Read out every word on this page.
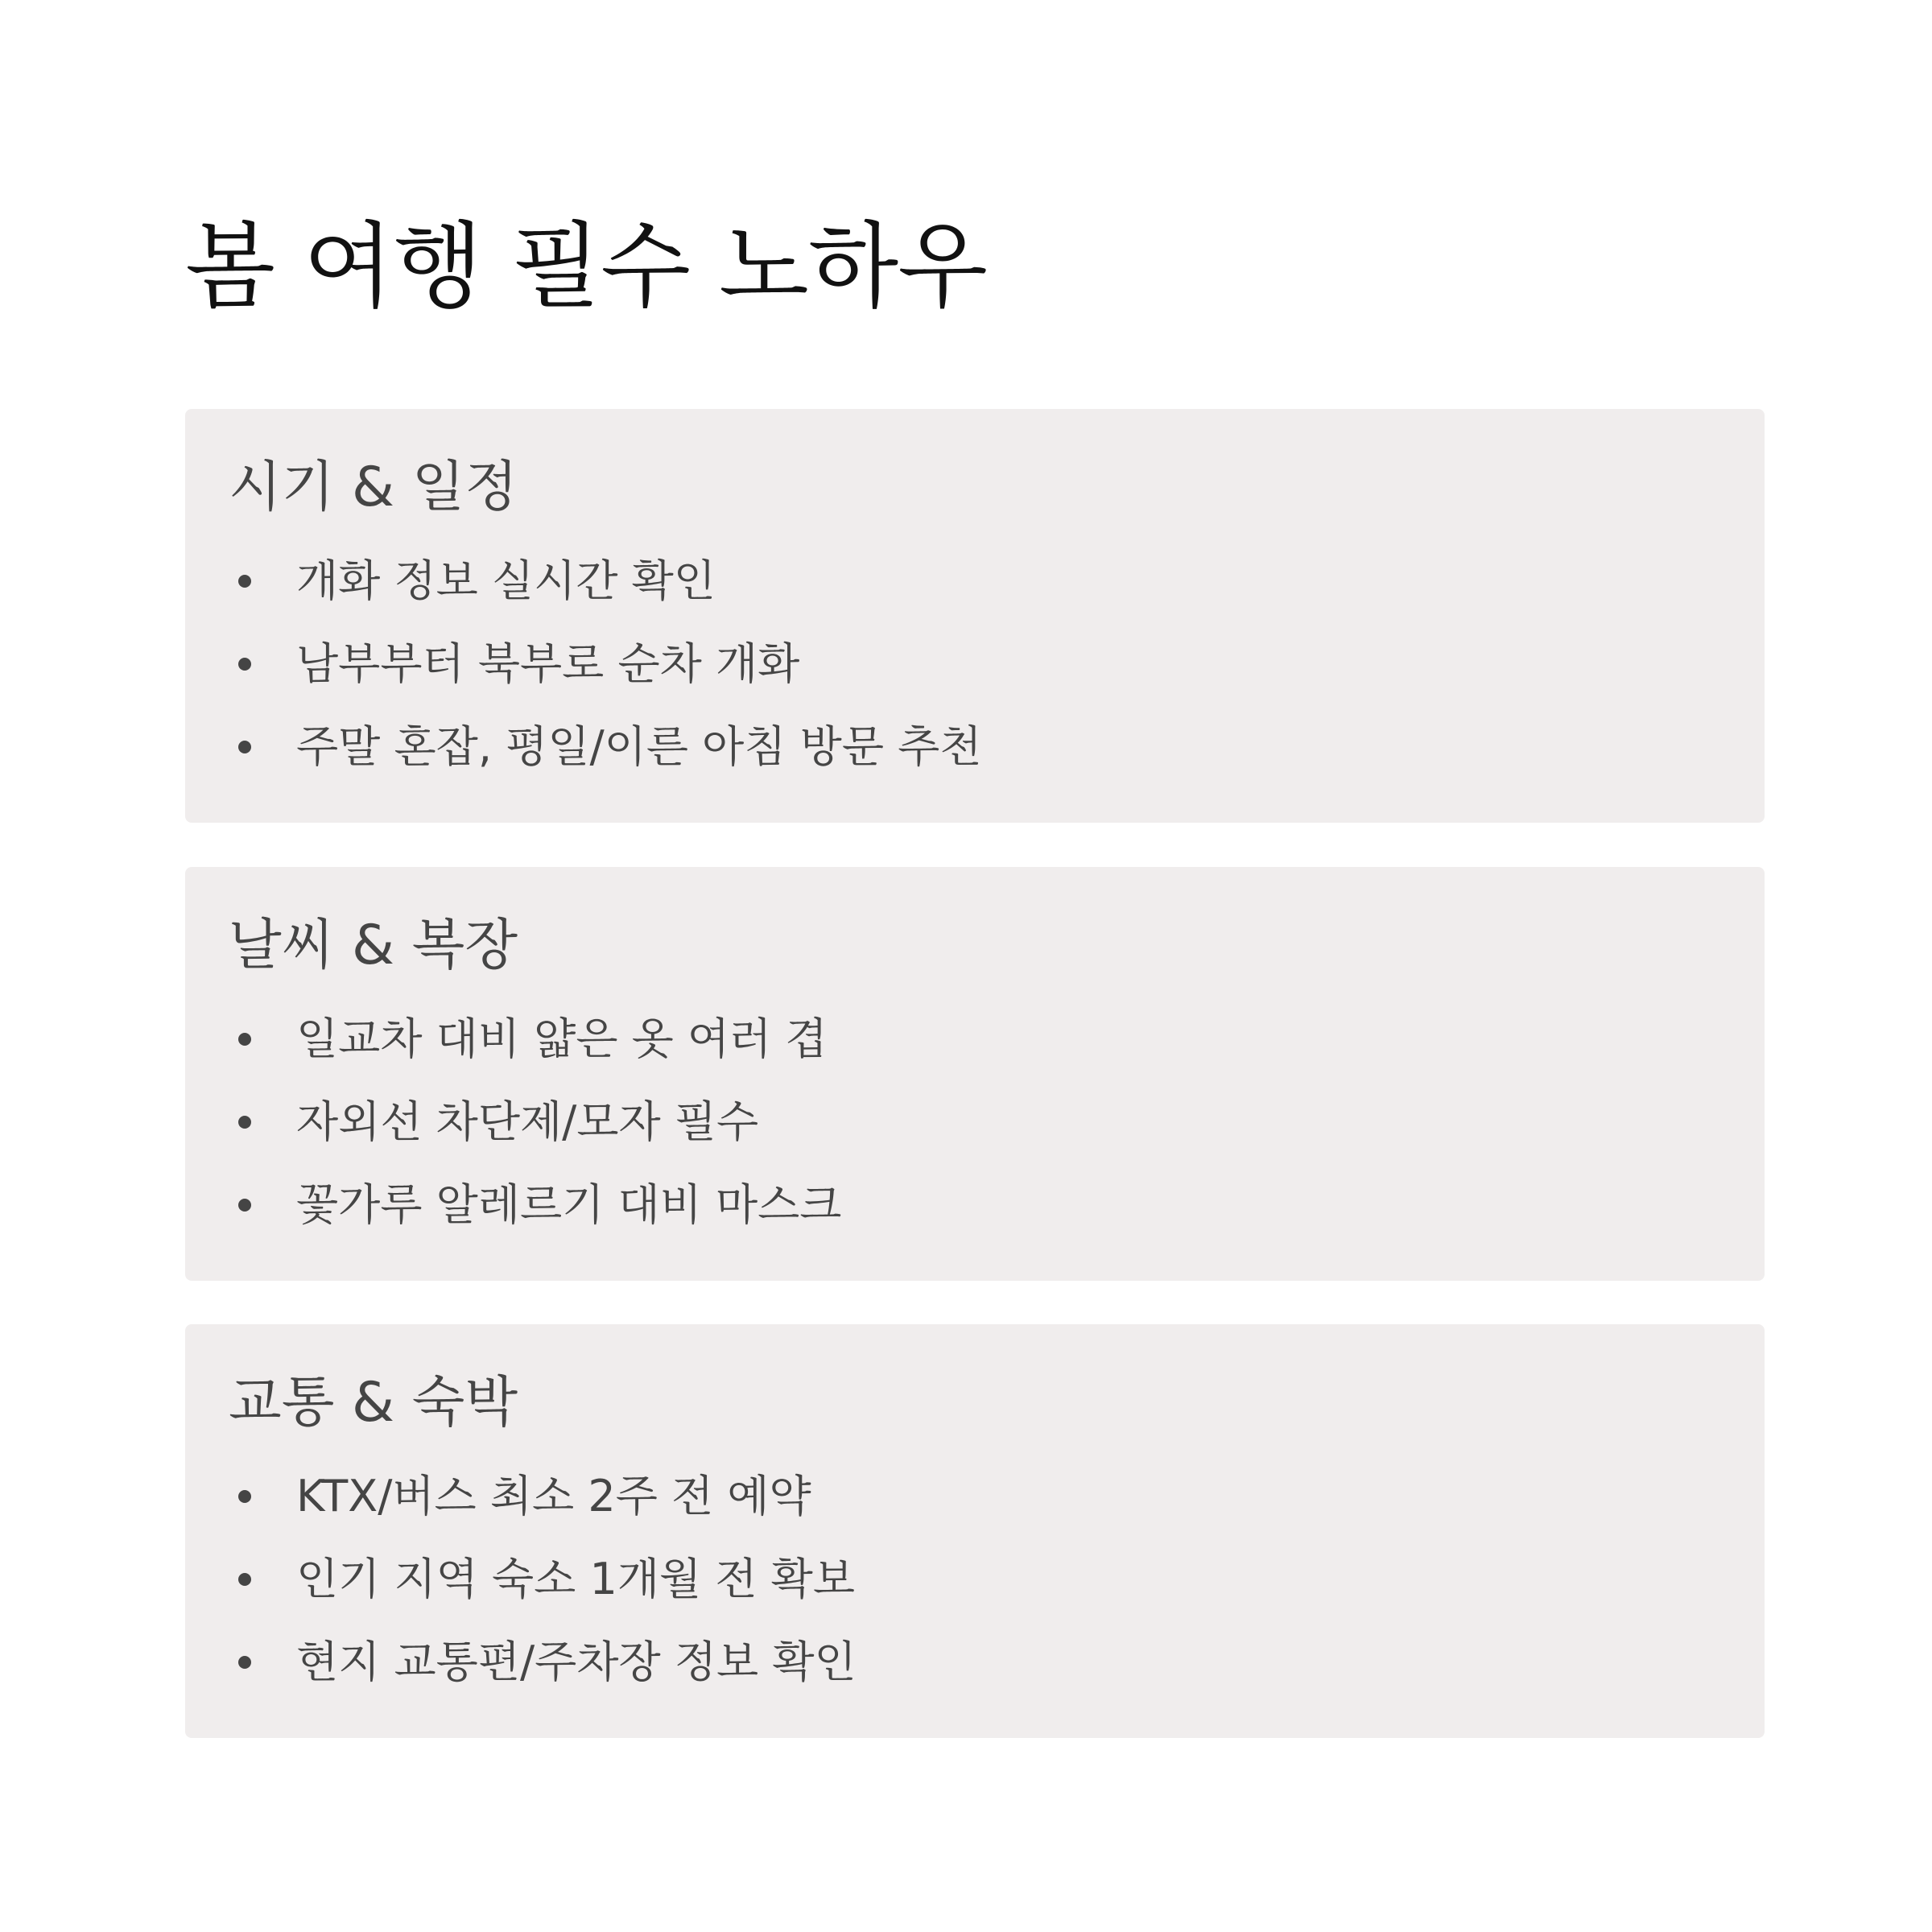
봄 여행 필수 노하우
시기 & 일정
개화 정보 실시간 확인
남부부터 북부로 순차 개화
주말 혼잡, 평일/이른 아침 방문 추천
날씨 & 복장
일교차 대비 얇은 옷 여러 겹
자외선 차단제/모자 필수
꽃가루 알레르기 대비 마스크
교통 & 숙박
KTX/버스 최소 2주 전 예약
인기 지역 숙소 1개월 전 확보
현지 교통편/주차장 정보 확인
